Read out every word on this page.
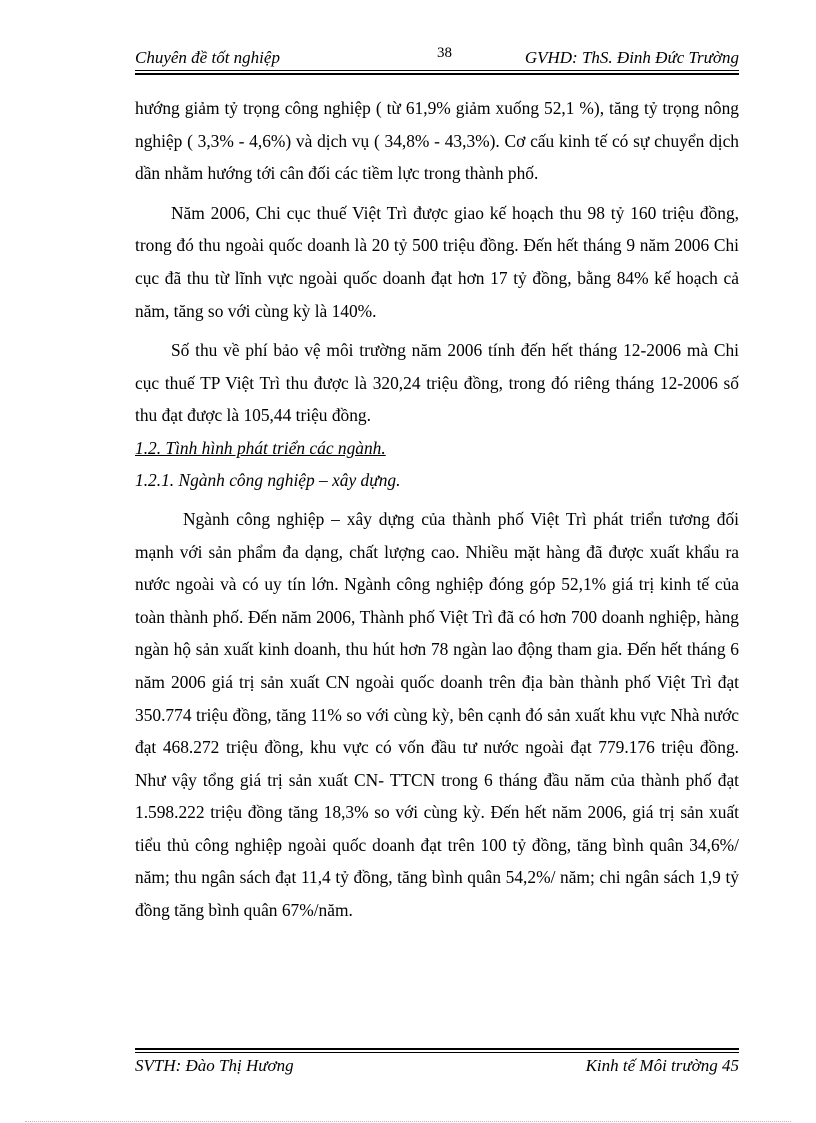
Chuyên đề tốt nghiệp	38	GVHD: ThS. Đinh Đức Trường

hướng giảm tỷ trọng công nghiệp ( từ 61,9% giảm xuống 52,1 %), tăng tỷ trọng nông nghiệp ( 3,3% - 4,6%) và dịch vụ ( 34,8% - 43,3%). Cơ cấu kinh tế có sự chuyển dịch dần nhằm hướng tới cân đối các tiềm lực trong thành phố.

Năm 2006, Chi cục thuế Việt Trì được giao kế hoạch thu 98 tỷ 160 triệu đồng, trong đó thu ngoài quốc doanh là 20 tỷ 500 triệu đồng. Đến hết tháng 9 năm 2006 Chi cục đã thu từ lĩnh vực ngoài quốc doanh đạt hơn 17 tỷ đồng, bằng 84% kế hoạch cả năm, tăng so với cùng kỳ là 140%.

Số thu về phí bảo vệ môi trường năm 2006 tính đến hết tháng 12-2006 mà Chi cục thuế TP Việt Trì thu được là 320,24 triệu đồng, trong đó riêng tháng 12-2006 số thu đạt được là 105,44 triệu đồng.

1.2. Tình hình phát triển các ngành.

1.2.1. Ngành công nghiệp – xây dựng.

Ngành công nghiệp – xây dựng của thành phố Việt Trì phát triển tương đối mạnh với sản phẩm đa dạng, chất lượng cao. Nhiều mặt hàng đã được xuất khẩu ra nước ngoài và có uy tín lớn. Ngành công nghiệp đóng góp 52,1% giá trị kinh tế của toàn thành phố. Đến năm 2006, Thành phố Việt Trì đã có hơn 700 doanh nghiệp, hàng ngàn hộ sản xuất kinh doanh, thu hút hơn 78 ngàn lao động tham gia. Đến hết tháng 6 năm 2006 giá trị sản xuất CN ngoài quốc doanh trên địa bàn thành phố Việt Trì đạt 350.774 triệu đồng, tăng 11% so với cùng kỳ, bên cạnh đó sản xuất khu vực Nhà nước đạt 468.272 triệu đồng, khu vực có vốn đầu tư nước ngoài đạt 779.176 triệu đồng. Như vậy tổng giá trị sản xuất CN- TTCN trong 6 tháng đầu năm của thành phố đạt 1.598.222 triệu đồng tăng 18,3% so với cùng kỳ. Đến hết năm 2006, giá trị sản xuất tiểu thủ công nghiệp ngoài quốc doanh đạt trên 100 tỷ đồng, tăng bình quân 34,6%/ năm; thu ngân sách đạt 11,4 tỷ đồng, tăng bình quân 54,2%/ năm; chi ngân sách 1,9 tỷ đồng tăng bình quân 67%/năm.

SVTH: Đào Thị Hương	Kinh tế Môi trường 45
